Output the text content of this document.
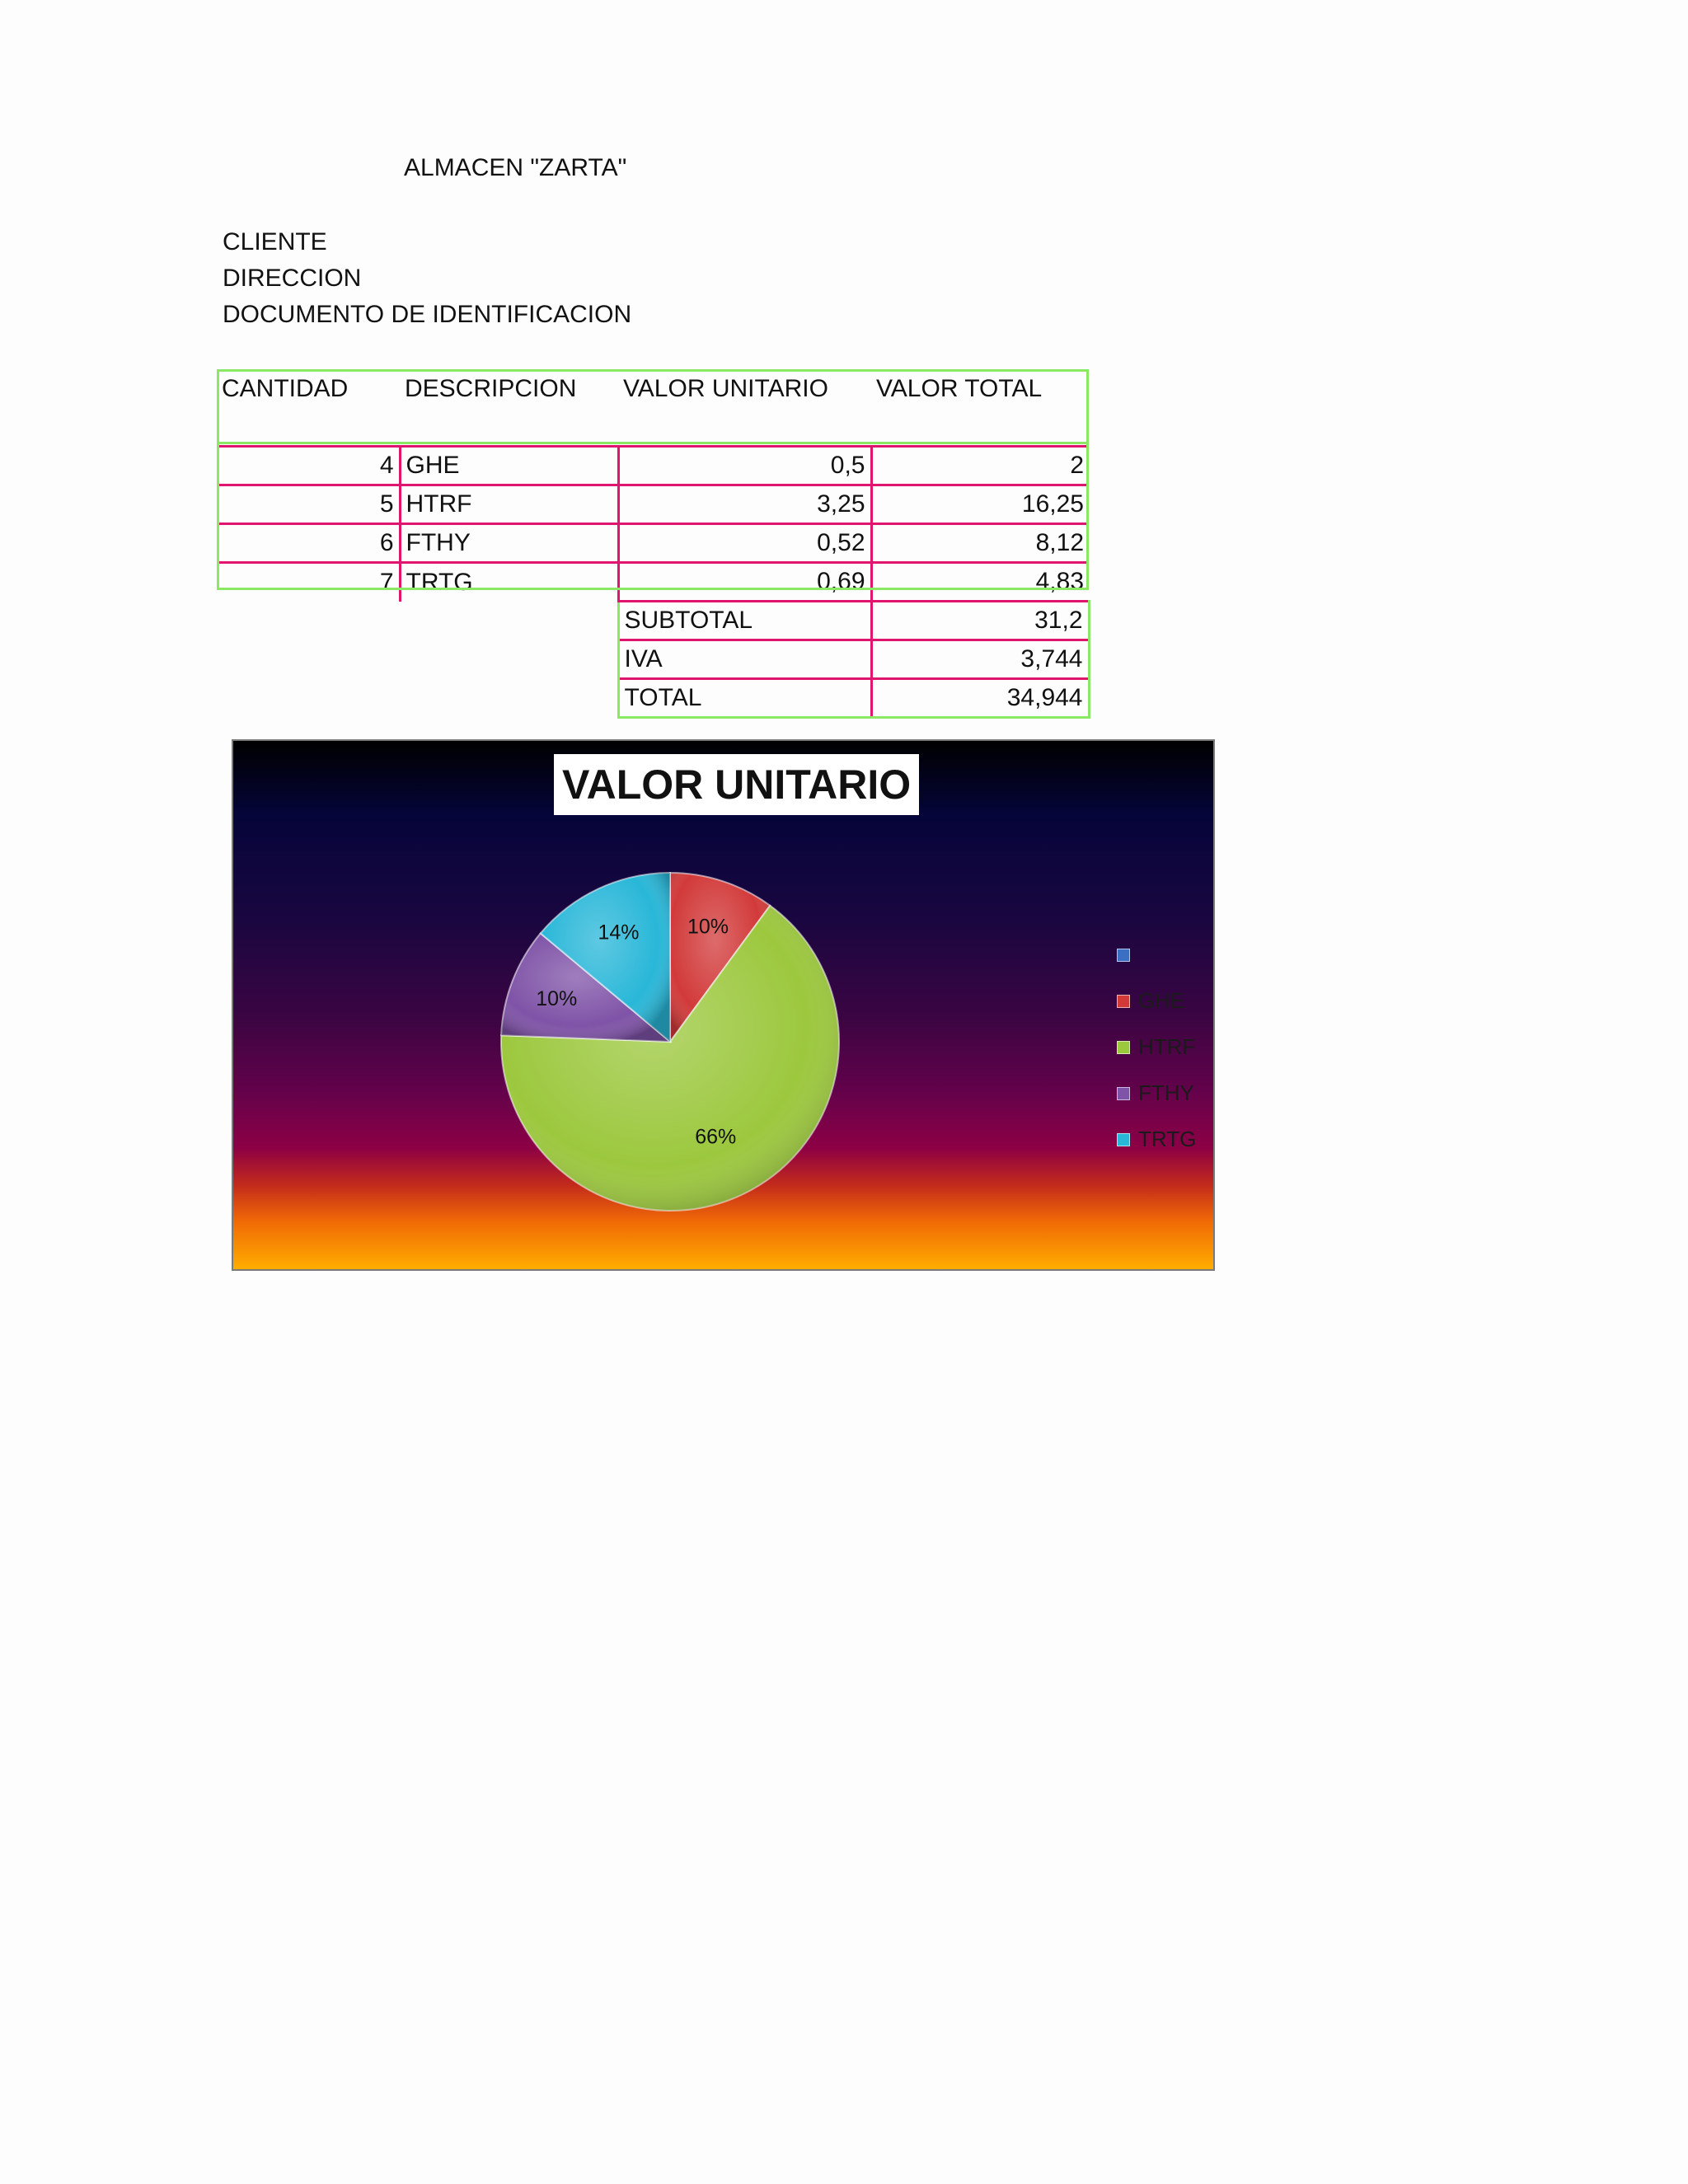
ALMACEN "ZARTA"
CLIENTE
DIRECCION
DOCUMENTO DE IDENTIFICACION
CANTIDAD	DESCRIPCION	VALOR UNITARIO	VALOR TOTAL
4	GHE	0,5	2
5	HTRF	3,25	16,25
6	FTHY	0,52	8,12
7	TRTG	0,69	4,83
		SUBTOTAL	31,2
		IVA	3,744
		TOTAL	34,944
VALOR UNITARIO
10%
66%
10%
14%
GHE
HTRF
FTHY
TRTG
